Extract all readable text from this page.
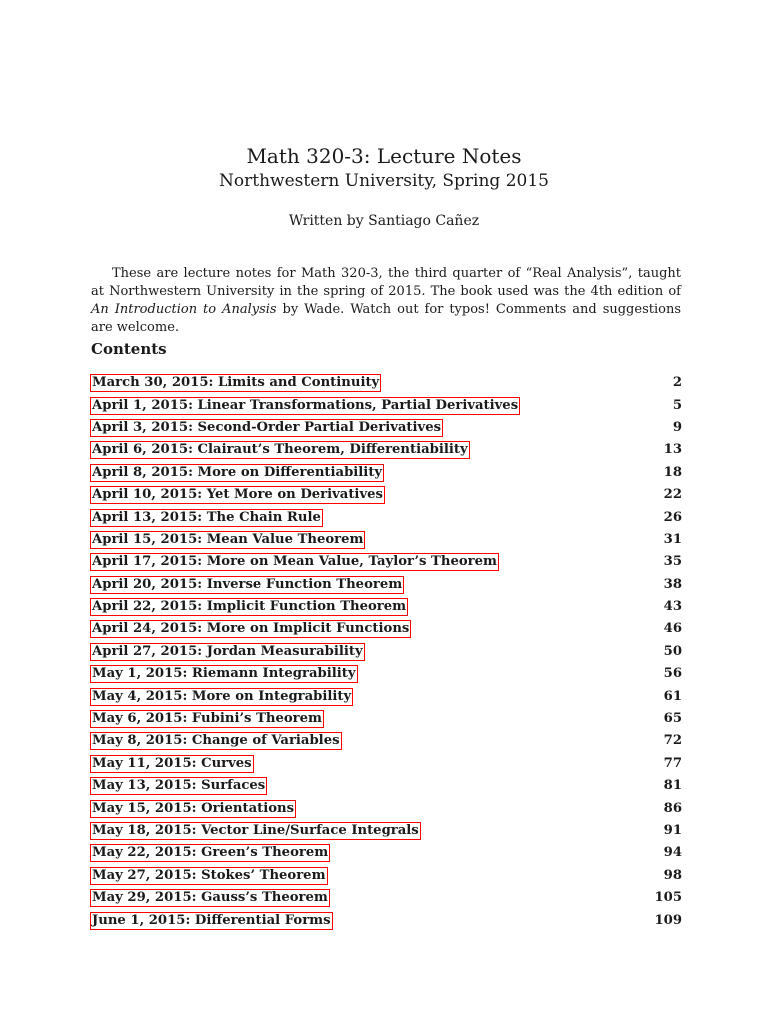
Math 320-3: Lecture Notes
Northwestern University, Spring 2015
Written by Santiago Cañez
These are lecture notes for Math 320-3, the third quarter of “Real Analysis”, taught at Northwestern University in the spring of 2015. The book used was the 4th edition of An Introduction to Analysis by Wade. Watch out for typos! Comments and suggestions are welcome.
Contents
March 30, 2015: Limits and Continuity	2
April 1, 2015: Linear Transformations, Partial Derivatives	5
April 3, 2015: Second-Order Partial Derivatives	9
April 6, 2015: Clairaut’s Theorem, Differentiability	13
April 8, 2015: More on Differentiability	18
April 10, 2015: Yet More on Derivatives	22
April 13, 2015: The Chain Rule	26
April 15, 2015: Mean Value Theorem	31
April 17, 2015: More on Mean Value, Taylor’s Theorem	35
April 20, 2015: Inverse Function Theorem	38
April 22, 2015: Implicit Function Theorem	43
April 24, 2015: More on Implicit Functions	46
April 27, 2015: Jordan Measurability	50
May 1, 2015: Riemann Integrability	56
May 4, 2015: More on Integrability	61
May 6, 2015: Fubini’s Theorem	65
May 8, 2015: Change of Variables	72
May 11, 2015: Curves	77
May 13, 2015: Surfaces	81
May 15, 2015: Orientations	86
May 18, 2015: Vector Line/Surface Integrals	91
May 22, 2015: Green’s Theorem	94
May 27, 2015: Stokes’ Theorem	98
May 29, 2015: Gauss’s Theorem	105
June 1, 2015: Differential Forms	109
